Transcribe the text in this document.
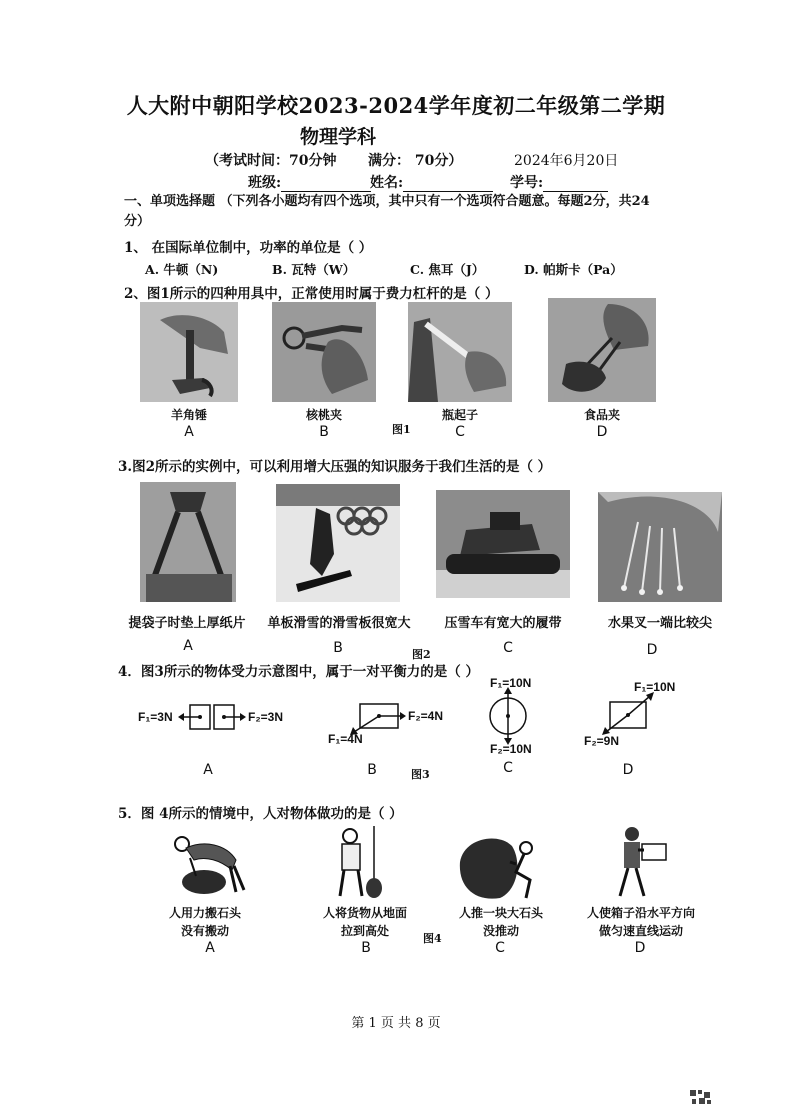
人大附中朝阳学校2023-2024学年度初二年级第二学期
物理学科
（考试时间：70分钟 满分： 70分）	2024年6月20日
班级:	姓名:	学号:
一、单项选择题 （下列各小题均有四个选项，其中只有一个选项符合题意。每题2分，共24
分）
1、 在国际单位制中，功率的单位是（ ）
A. 牛顿（N)	B. 瓦特（W）	C. 焦耳（J）	D. 帕斯卡（Pa）
2、图1所示的四种用具中，正常使用时属于费力杠杆的是（ ）
羊角锤	核桃夹	瓶起子	食品夹
图1
A	B	C	D
3.图2所示的实例中，可以利用增大压强的知识服务于我们生活的是（ ）
提袋子时垫上厚纸片	单板滑雪的滑雪板很宽大	压雪车有宽大的履带	水果叉一端比较尖
A	B	图2	C	D
4．图3所示的物体受力示意图中，属于一对平衡力的是（ ）
F₁=3N	F₂=3N	F₂=4N
F₁=4N
F₁=10N
F₂=10N
F₁=10N
F₂=9N
A	B	图3	C	D
5．图 4所示的情境中，人对物体做功的是（ ）
人用力搬石头
没有搬动
人将货物从地面
拉到高处
图4
人推一块大石头
没推动
人使箱子沿水平方向
做匀速直线运动
A	B	C	D
第 1 页 共 8 页
